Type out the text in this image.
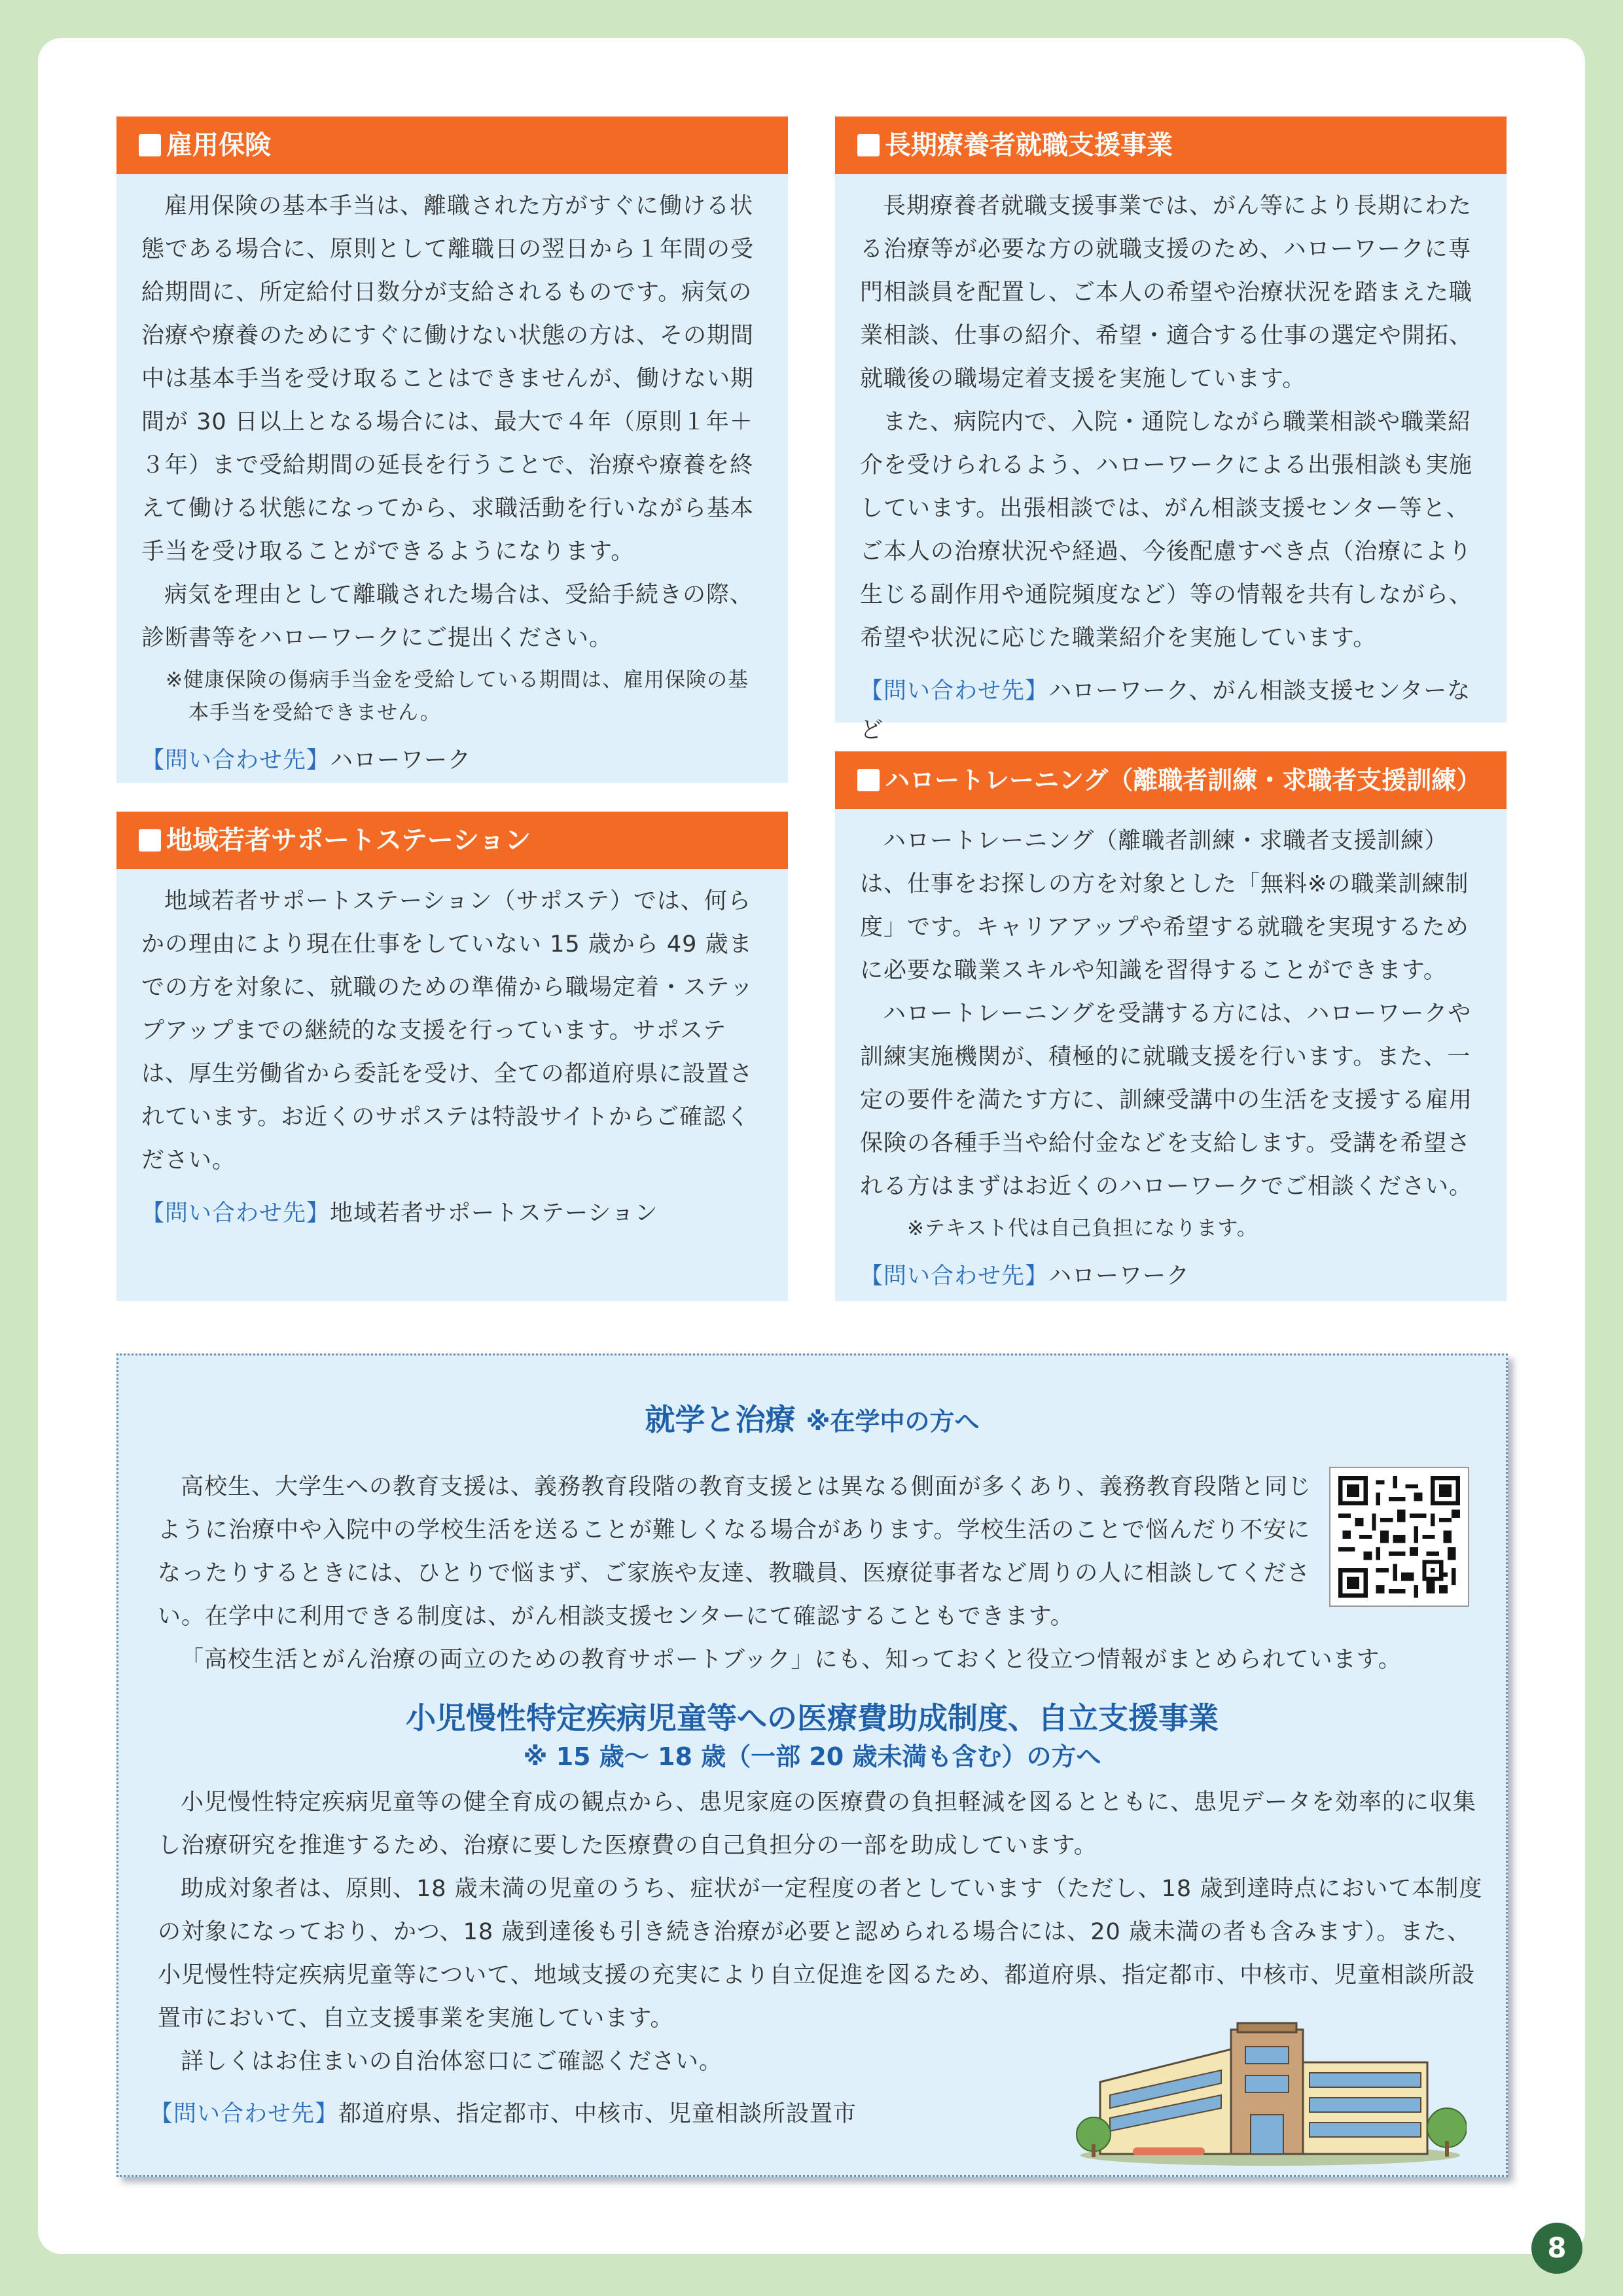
雇用保険

雇用保険の基本手当は、離職された方がすぐに働ける状態である場合に、原則として離職日の翌日から１年間の受給期間に、所定給付日数分が支給されるものです。病気の治療や療養のためにすぐに働けない状態の方は、その期間中は基本手当を受け取ることはできませんが、働けない期間が 30 日以上となる場合には、最大で４年（原則１年＋３年）まで受給期間の延長を行うことで、治療や療養を終えて働ける状態になってから、求職活動を行いながら基本手当を受け取ることができるようになります。

病気を理由として離職された場合は、受給手続きの際、診断書等をハローワークにご提出ください。

※健康保険の傷病手当金を受給している期間は、雇用保険の基本手当を受給できません。
【問い合わせ先】ハローワーク
長期療養者就職支援事業

長期療養者就職支援事業では、がん等により長期にわたる治療等が必要な方の就職支援のため、ハローワークに専門相談員を配置し、ご本人の希望や治療状況を踏まえた職業相談、仕事の紹介、希望・適合する仕事の選定や開拓、就職後の職場定着支援を実施しています。

また、病院内で、入院・通院しながら職業相談や職業紹介を受けられるよう、ハローワークによる出張相談も実施しています。出張相談では、がん相談支援センター等と、ご本人の治療状況や経過、今後配慮すべき点（治療により生じる副作用や通院頻度など）等の情報を共有しながら、希望や状況に応じた職業紹介を実施しています。

【問い合わせ先】ハローワーク、がん相談支援センターなど
地域若者サポートステーション

地域若者サポートステーション（サポステ）では、何らかの理由により現在仕事をしていない 15 歳から 49 歳までの方を対象に、就職のための準備から職場定着・ステップアップまでの継続的な支援を行っています。サポステは、厚生労働省から委託を受け、全ての都道府県に設置されています。お近くのサポステは特設サイトからご確認ください。

【問い合わせ先】地域若者サポートステーション
ハロートレーニング（離職者訓練・求職者支援訓練）

ハロートレーニング（離職者訓練・求職者支援訓練）は、仕事をお探しの方を対象とした「無料※の職業訓練制度」です。キャリアアップや希望する就職を実現するために必要な職業スキルや知識を習得することができます。

ハロートレーニングを受講する方には、ハローワークや訓練実施機関が、積極的に就職支援を行います。また、一定の要件を満たす方に、訓練受講中の生活を支援する雇用保険の各種手当や給付金などを支給します。受講を希望される方はまずはお近くのハローワークでご相談ください。

※テキスト代は自己負担になります。
【問い合わせ先】ハローワーク
就学と治療 ※在学中の方へ

高校生、大学生への教育支援は、義務教育段階の教育支援とは異なる側面が多くあり、義務教育段階と同じように治療中や入院中の学校生活を送ることが難しくなる場合があります。学校生活のことで悩んだり不安になったりするときには、ひとりで悩まず、ご家族や友達、教職員、医療従事者など周りの人に相談してください。在学中に利用できる制度は、がん相談支援センターにて確認することもできます。

「高校生活とがん治療の両立のための教育サポートブック」にも、知っておくと役立つ情報がまとめられています。

小児慢性特定疾病児童等への医療費助成制度、自立支援事業
※ 15 歳～ 18 歳（一部 20 歳未満も含む）の方へ

小児慢性特定疾病児童等の健全育成の観点から、患児家庭の医療費の負担軽減を図るとともに、患児データを効率的に収集し治療研究を推進するため、治療に要した医療費の自己負担分の一部を助成しています。

助成対象者は、原則、18 歳未満の児童のうち、症状が一定程度の者としています（ただし、18 歳到達時点において本制度の対象になっており、かつ、18 歳到達後も引き続き治療が必要と認められる場合には、20 歳未満の者も含みます）。また、小児慢性特定疾病児童等について、地域支援の充実により自立促進を図るため、都道府県、指定都市、中核市、児童相談所設置市において、自立支援事業を実施しています。

詳しくはお住まいの自治体窓口にご確認ください。

【問い合わせ先】都道府県、指定都市、中核市、児童相談所設置市
8
